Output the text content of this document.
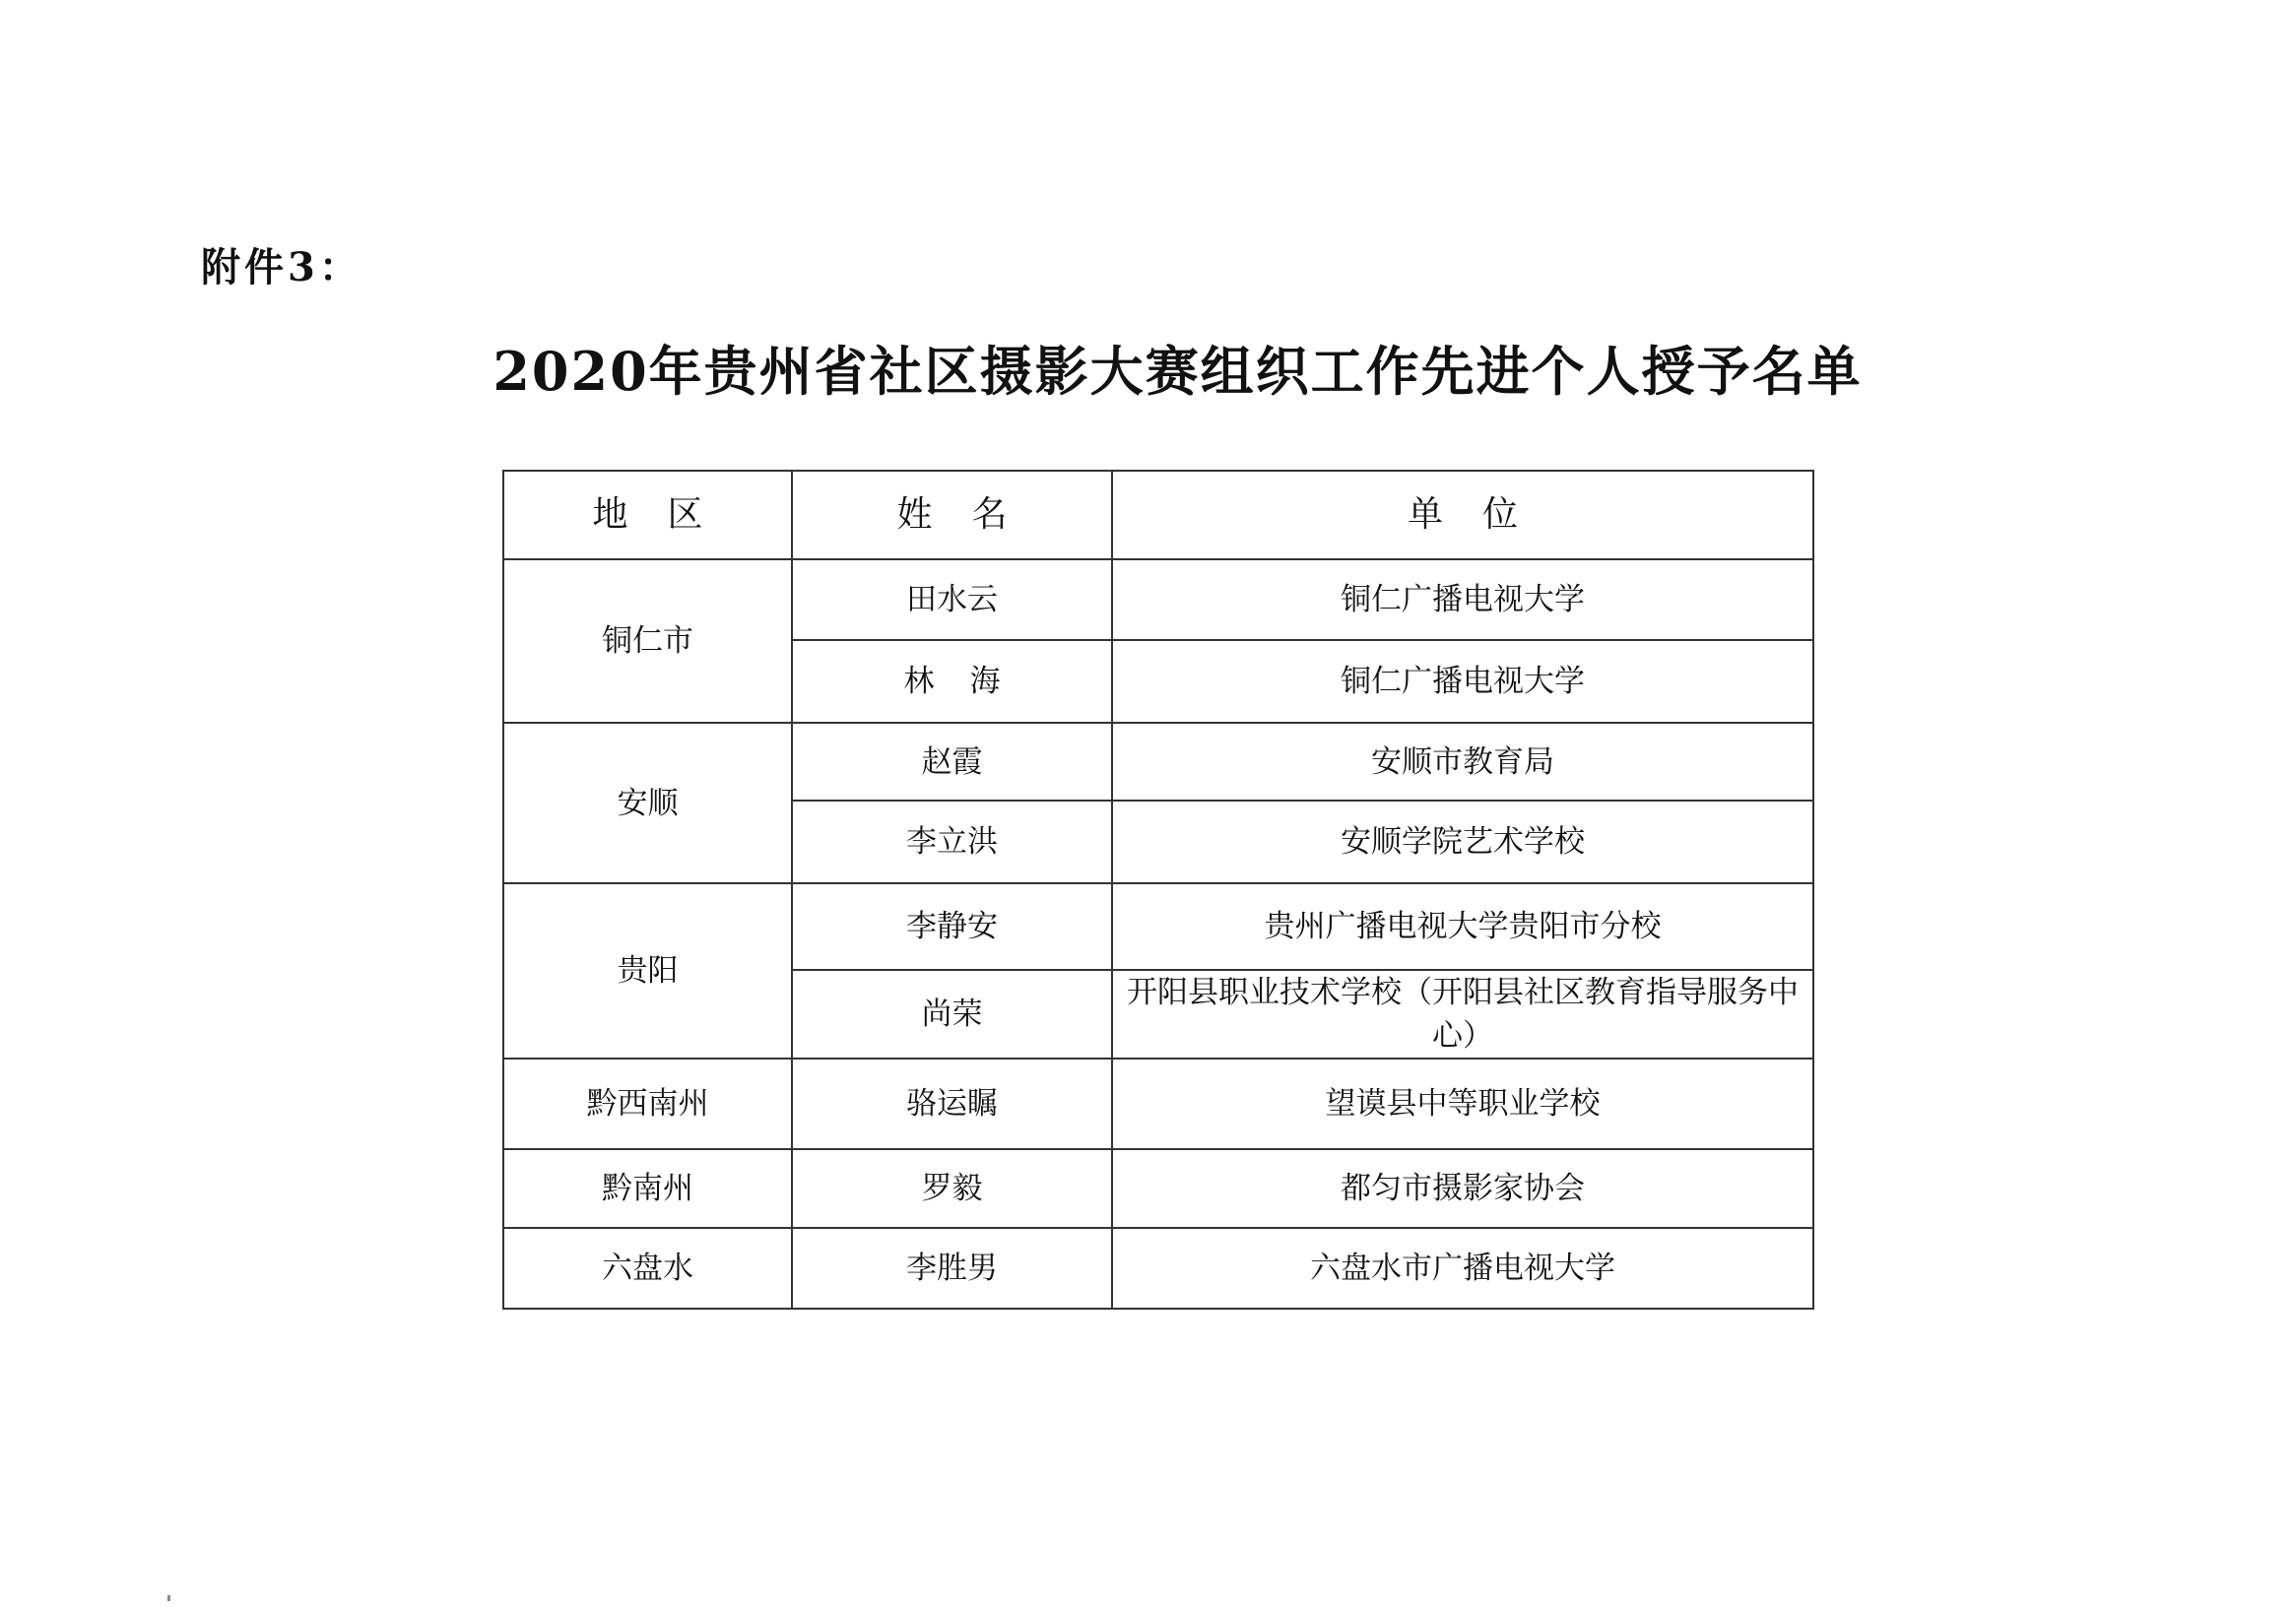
附件3：
2020年贵州省社区摄影大赛组织工作先进个人授予名单
地区	姓名	单位
铜仁市	田水云	铜仁广播电视大学
	林海	铜仁广播电视大学
安顺	赵霞	安顺市教育局
	李立洪	安顺学院艺术学校
贵阳	李静安	贵州广播电视大学贵阳市分校
	尚荣	开阳县职业技术学校（开阳县社区教育指导服务中心）
黔西南州	骆运瞩	望谟县中等职业学校
黔南州	罗毅	都匀市摄影家协会
六盘水	李胜男	六盘水市广播电视大学
